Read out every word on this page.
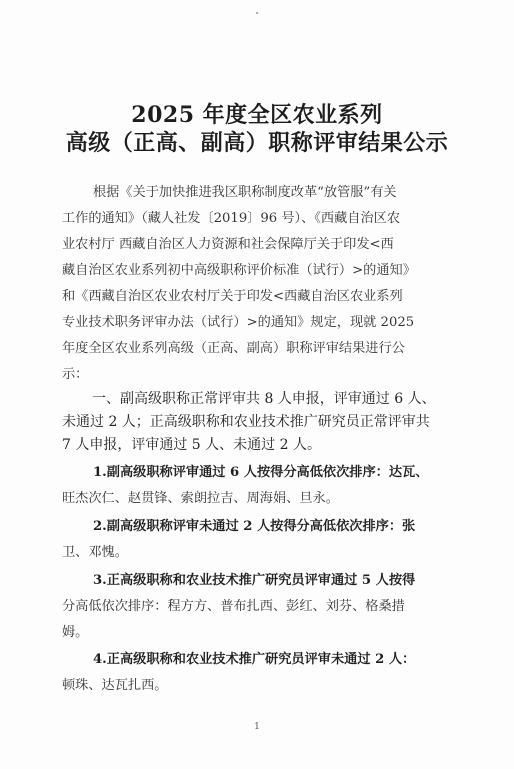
2025 年度全区农业系列
高级（正高、副高）职称评审结果公示
根据《关于加快推进我区职称制度改革“放管服”有关
工作的通知》（藏人社发〔2019〕96 号）、《西藏自治区农
业农村厅 西藏自治区人力资源和社会保障厅关于印发<西
藏自治区农业系列初中高级职称评价标准（试行）>的通知》
和《西藏自治区农业农村厅关于印发<西藏自治区农业系列
专业技术职务评审办法（试行）>的通知》规定，现就 2025
年度全区农业系列高级（正高、副高）职称评审结果进行公
示：
一、副高级职称正常评审共 8 人申报，评审通过 6 人、
未通过 2 人；正高级职称和农业技术推广研究员正常评审共
7 人申报，评审通过 5 人、未通过 2 人。
1.副高级职称评审通过 6 人按得分高低依次排序：达瓦、
旺杰次仁、赵贯锋、索朗拉吉、周海娟、旦永。
2.副高级职称评审未通过 2 人按得分高低依次排序：张
卫、邓愧。
3.正高级职称和农业技术推广研究员评审通过 5 人按得
分高低依次排序：程方方、普布扎西、彭红、刘芬、格桑措
姆。
4.正高级职称和农业技术推广研究员评审未通过 2 人：
顿珠、达瓦扎西。
1
